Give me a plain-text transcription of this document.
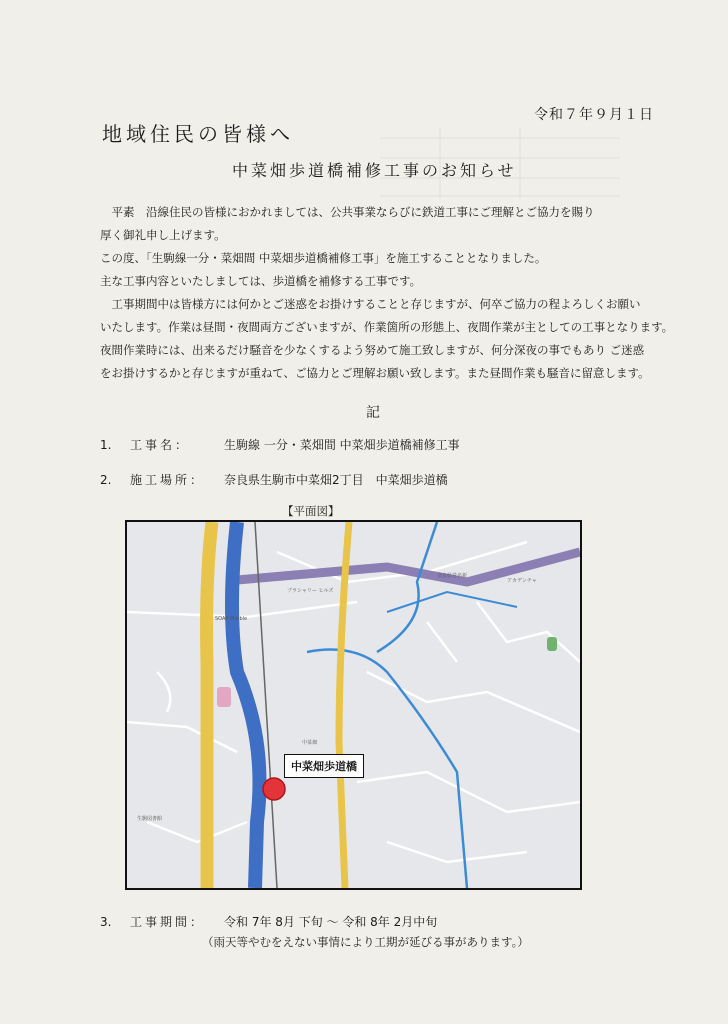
令和７年９月１日
地域住民の皆様へ
中菜畑歩道橋補修工事のお知らせ

　平素　沿線住民の皆様におかれましては、公共事業ならびに鉄道工事にご理解とご協力を賜り

厚く御礼申し上げます。

この度、「生駒線一分・菜畑間 中菜畑歩道橋補修工事」を施工することとなりました。

主な工事内容といたしましては、歩道橋を補修する工事です。

　工事期間中は皆様方には何かとご迷惑をお掛けすることと存じますが、何卒ご協力の程よろしくお願い

いたします。作業は昼間・夜間両方ございますが、作業箇所の形態上、夜間作業が主としての工事となります。

夜間作業時には、出来るだけ騒音を少なくするよう努めて施工致しますが、何分深夜の事でもあり ご迷惑

をお掛けするかと存じますが重ねて、ご協力とご理解お願い致します。また昼間作業も騒音に留意します。

記
1. 工事名：	生駒線 一分・菜畑間 中菜畑歩道橋補修工事
2. 施工場所： 奈良県生駒市中菜畑2丁目　中菜畑歩道橋
【平面図】
プラシャリー ヒルズ
SOAP Marble
アカデンチャ
奈良県営名新
生駒図書館
中菜畑
中菜畑歩道橋
3. 工事期間： 令和 7年 8月 下旬 〜 令和 8年 2月中旬
（雨天等やむをえない事情により工期が延びる事があります。）
